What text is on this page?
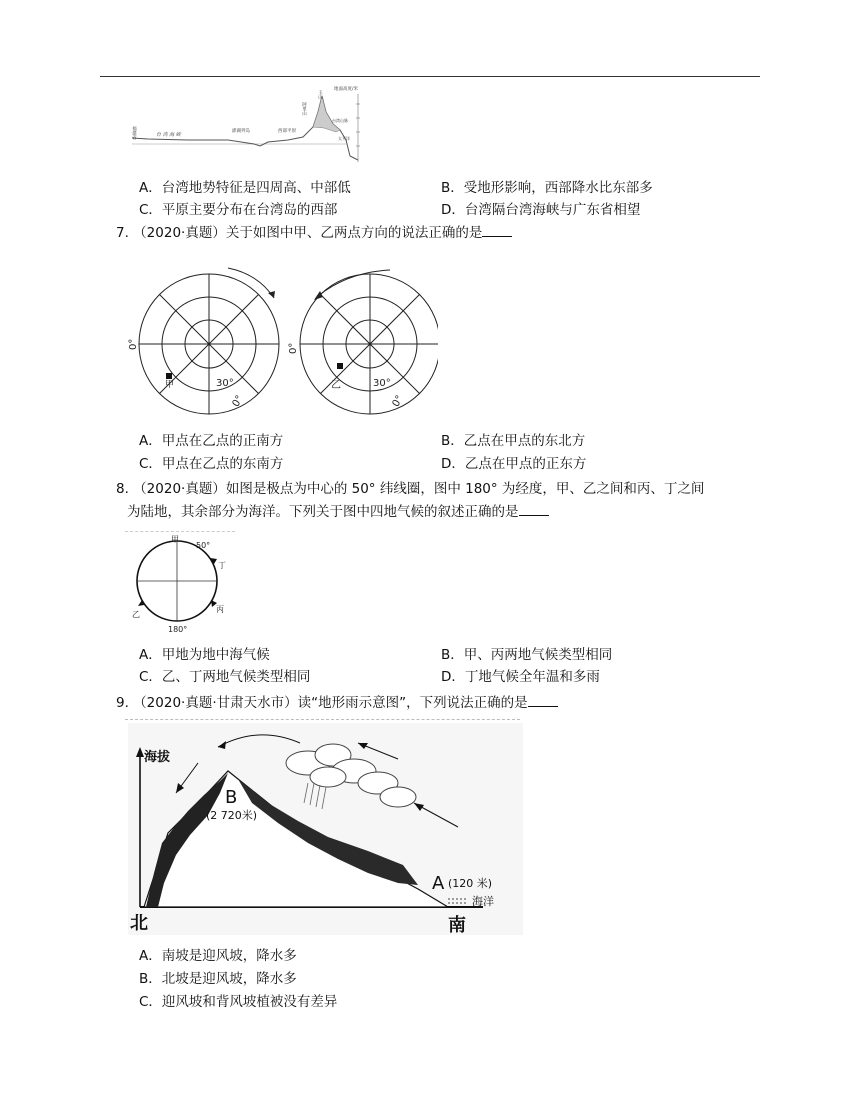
福建省	台 湾 海 峡
澎湖列岛	西部平原
阿里山
玉山
地面高度/米
台湾山脉
太平洋
A．台湾地势特征是四周高、中部低	B．受地形影响，西部降水比东部多
C．平原主要分布在台湾岛的西部	D．台湾隔台湾海峡与广东省相望
7. （2020·真题）关于如图中甲、乙两点方向的说法正确的是
0°
甲	30°
0°
0°
乙	30°
0°
A．甲点在乙点的正南方	B．乙点在甲点的东北方
C．甲点在乙点的东南方	D．乙点在甲点的正东方
8. （2020·真题）如图是极点为中心的 50° 纬线圈，图中 180° 为经度，甲、乙之间和丙、丁之间
为陆地，其余部分为海洋。下列关于图中四地气候的叙述正确的是
甲
50°
丁
丙
乙
180°
A．甲地为地中海气候	B．甲、丙两地气候类型相同
C．乙、丁两地气候类型相同	D．丁地气候全年温和多雨
9. （2020·真题·甘肃天水市）读“地形雨示意图”，下列说法正确的是
海拔
B
(2 720米)
A (120 米)
海洋
北	南
A．南坡是迎风坡，降水多
B．北坡是迎风坡，降水多
C．迎风坡和背风坡植被没有差异
